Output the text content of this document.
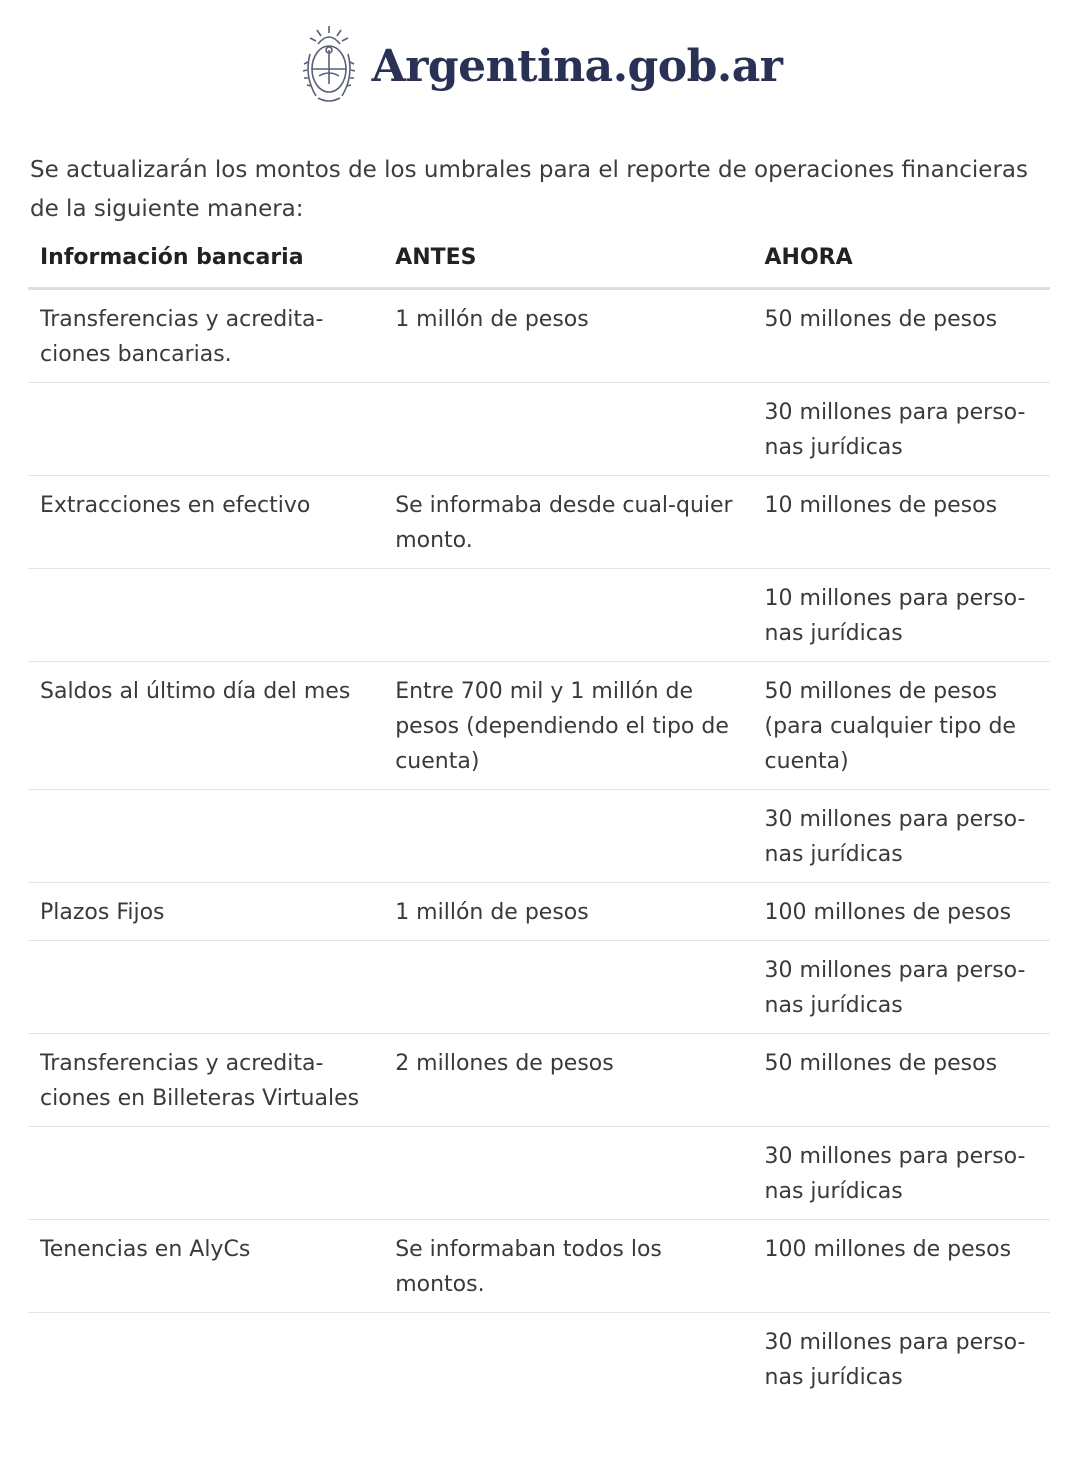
Argentina.gob.ar

Se actualizarán los montos de los umbrales para el reporte de operaciones financieras de la siguiente manera:

Información bancaria	ANTES	AHORA
Transferencias y acredita-ciones bancarias.	1 millón de pesos	50 millones de pesos
		30 millones para perso-nas jurídicas
Extracciones en efectivo	Se informaba desde cual-quier monto.	10 millones de pesos
		10 millones para perso-nas jurídicas
Saldos al último día del mes	Entre 700 mil y 1 millón de pesos (dependiendo el tipo de cuenta)	50 millones de pesos (para cualquier tipo de cuenta)
		30 millones para perso-nas jurídicas
Plazos Fijos	1 millón de pesos	100 millones de pesos
		30 millones para perso-nas jurídicas
Transferencias y acredita-ciones en Billeteras Virtuales	2 millones de pesos	50 millones de pesos
		30 millones para perso-nas jurídicas
Tenencias en AlyCs	Se informaban todos los montos.	100 millones de pesos
		30 millones para perso-nas jurídicas
